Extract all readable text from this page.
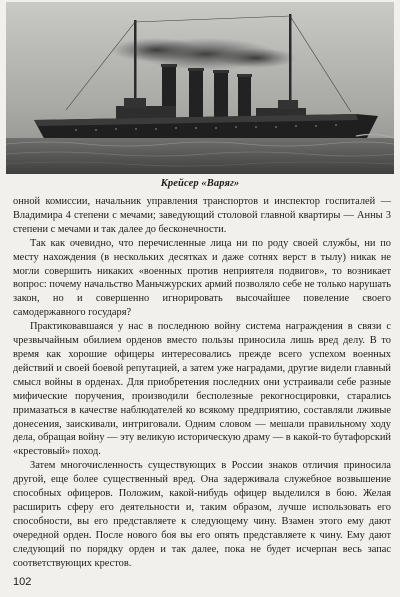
Крейсер «Варяг»

онной комиссии, начальник управления транспортов и инспектор госпиталей — Владимира 4 степени с мечами; заведующий столовой главной квартиры — Анны 3 степени с мечами и так далее до бесконечности.

Так как очевидно, что перечисленные лица ни по роду своей службы, ни по месту нахождения (в нескольких десятках и даже сотнях верст в тылу) никак не могли совершить никаких «военных против неприятеля подвигов», то возникает вопрос: почему начальство Маньчжурских армий позволяло себе не только нарушать закон, но и совершенно игнорировать высочайшее повеление своего самодержавного государя?

Практиковавшаяся у нас в последнюю войну система награждения в связи с чрезвычайным обилием орденов вместо пользы приносила лишь вред делу. В то время как хорошие офицеры интересовались прежде всего успехом военных действий и своей боевой репутацией, а затем уже наградами, другие видели главный смысл войны в орденах. Для приобретения последних они устраивали себе разные мифические поручения, производили бесполезные рекогносцировки, старались примазаться в качестве наблюдателей ко всякому предприятию, составляли лживые донесения, заискивали, интриговали. Одним словом — мешали правильному ходу дела, обращая войну — эту великую историческую драму — в какой-то бутафорский «крестовый» поход.

Затем многочисленность существующих в России знаков отличия приносила другой, еще более существенный вред. Она задерживала служебное возвышение способных офицеров. Положим, какой-нибудь офицер выделился в бою. Желая расширить сферу его деятельности и, таким образом, лучше использовать его способности, вы его представляете к следующему чину. Взамен этого ему дают очередной орден. После нового боя вы его опять представляете к чину. Ему дают следующий по порядку орден и так далее, пока не будет исчерпан весь запас соответствующих крестов.

102
